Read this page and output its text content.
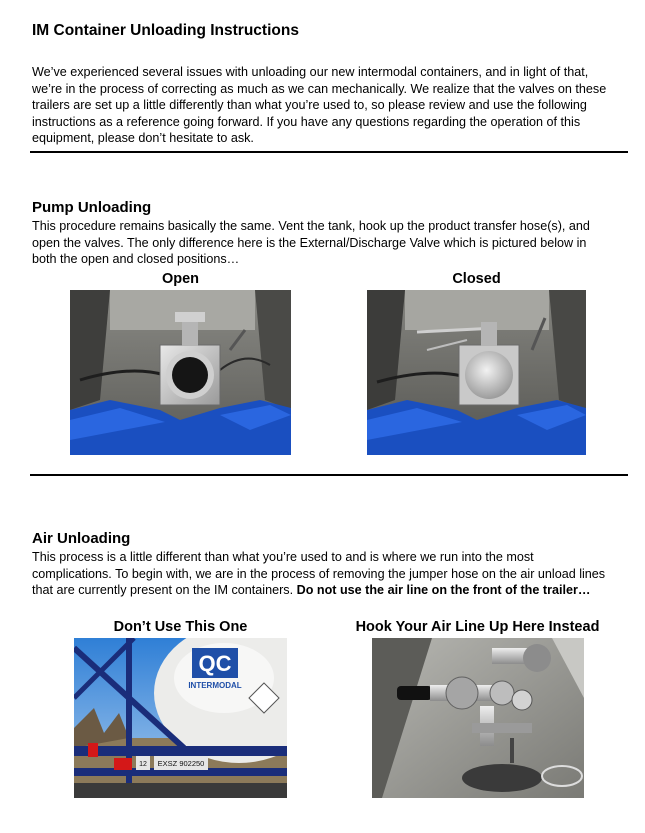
IM Container Unloading Instructions
We’ve experienced several issues with unloading our new intermodal containers, and in light of that,
we’re in the process of correcting as much as we can mechanically. We realize that the valves on these
trailers are set up a little differently than what you’re used to, so please review and use the following
instructions as a reference going forward. If you have any questions regarding the operation of this
equipment, please don’t hesitate to ask.
Pump Unloading
This procedure remains basically the same. Vent the tank, hook up the product transfer hose(s), and
open the valves. The only difference here is the External/Discharge Valve which is pictured below in
both the open and closed positions…
Open	Closed
Air Unloading
This process is a little different than what you’re used to and is where we run into the most
complications. To begin with, we are in the process of removing the jumper hose on the air unload lines
that are currently present on the IM containers. Do not use the air line on the front of the trailer…
Don’t Use This One	Hook Your Air Line Up Here Instead
QC
INTERMODAL
12 EXSZ 902250
